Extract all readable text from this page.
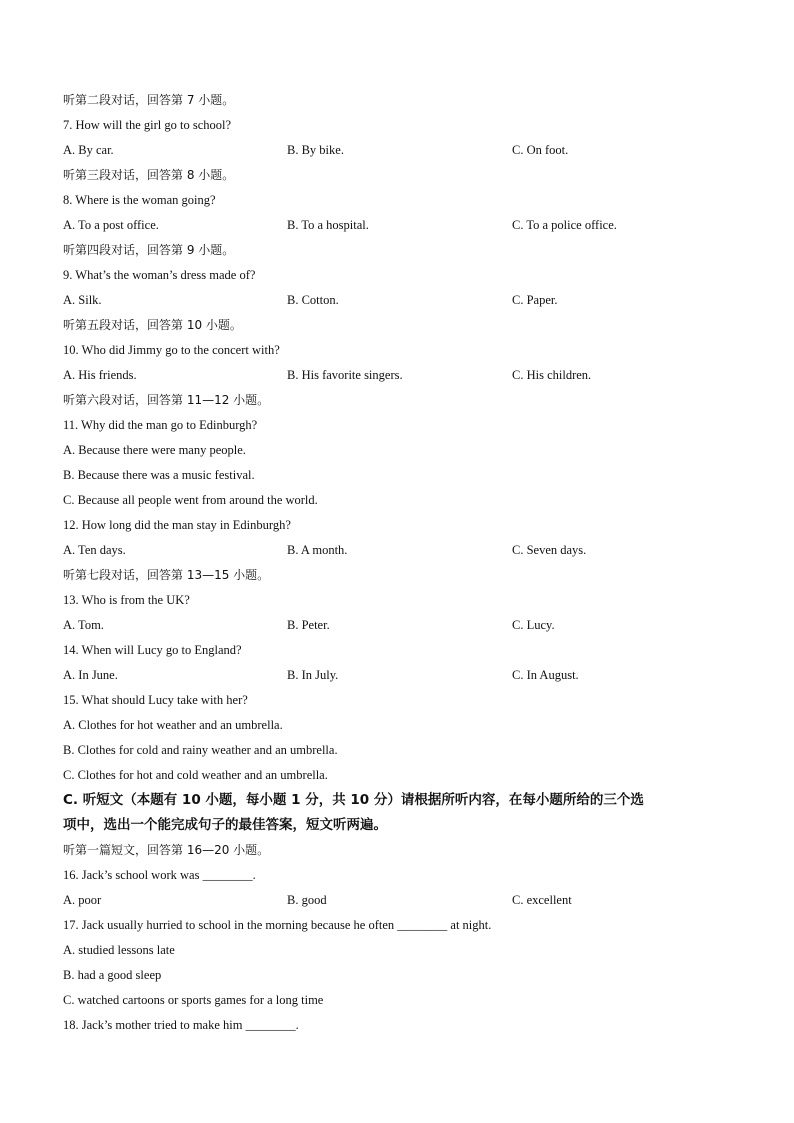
听第二段对话，回答第 7 小题。
7. How will the girl go to school?
A. By car.	B. By bike.	C. On foot.
听第三段对话，回答第 8 小题。
8. Where is the woman going?
A. To a post office.	B. To a hospital.	C. To a police office.
听第四段对话，回答第 9 小题。
9. What’s the woman’s dress made of?
A. Silk.	B. Cotton.	C. Paper.
听第五段对话，回答第 10 小题。
10. Who did Jimmy go to the concert with?
A. His friends.	B. His favorite singers.	C. His children.
听第六段对话，回答第 11—12 小题。
11. Why did the man go to Edinburgh?
A. Because there were many people.
B. Because there was a music festival.
C. Because all people went from around the world.
12. How long did the man stay in Edinburgh?
A. Ten days.	B. A month.	C. Seven days.
听第七段对话，回答第 13—15 小题。
13. Who is from the UK?
A. Tom.	B. Peter.	C. Lucy.
14. When will Lucy go to England?
A. In June.	B. In July.	C. In August.
15. What should Lucy take with her?
A. Clothes for hot weather and an umbrella.
B. Clothes for cold and rainy weather and an umbrella.
C. Clothes for hot and cold weather and an umbrella.
C. 听短文（本题有 10 小题，每小题 1 分，共 10 分）请根据所听内容，在每小题所给的三个选
项中，选出一个能完成句子的最佳答案，短文听两遍。
听第一篇短文，回答第 16—20 小题。
16. Jack’s school work was ________.
A. poor	B. good	C. excellent
17. Jack usually hurried to school in the morning because he often ________ at night.
A. studied lessons late
B. had a good sleep
C. watched cartoons or sports games for a long time
18. Jack’s mother tried to make him ________.
